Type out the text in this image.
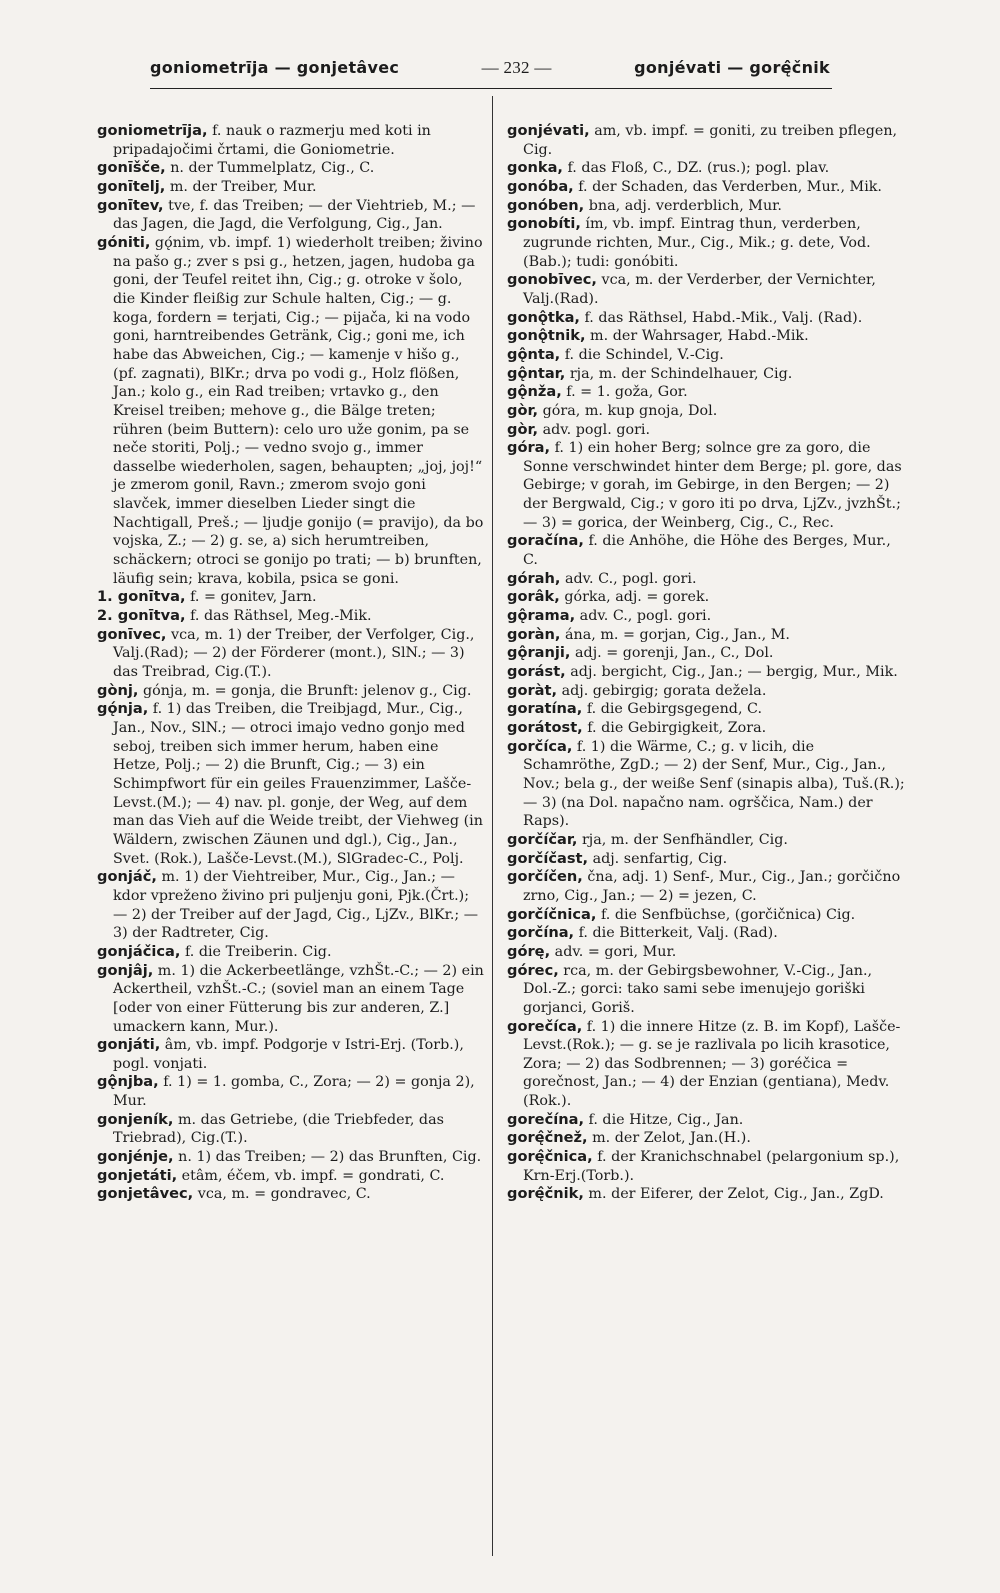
goniometrīja — gonjetâvec	— 232 —	gonjévati — gorę̂čnik

goniometrīja, f. nauk o razmerju med koti in pripadajočimi črtami, die Goniometrie.

gonīšče, n. der Tummelplatz, Cig., C.

gonītelj, m. der Treiber, Mur.

gonītev, tve, f. das Treiben; — der Viehtrieb, M.; — das Jagen, die Jagd, die Verfolgung, Cig., Jan.

góniti, gǫ́nim, vb. impf. 1) wiederholt treiben; živino na pašo g.; zver s psi g., hetzen, jagen, hudoba ga goni, der Teufel reitet ihn, Cig.; g. otroke v šolo, die Kinder fleißig zur Schule halten, Cig.; — g. koga, fordern = terjati, Cig.; — pijača, ki na vodo goni, harntreibendes Getränk, Cig.; goni me, ich habe das Abweichen, Cig.; — kamenje v hišo g., (pf. zagnati), BlKr.; drva po vodi g., Holz flößen, Jan.; kolo g., ein Rad treiben; vrtavko g., den Kreisel treiben; mehove g., die Bälge treten; rühren (beim Buttern): celo uro uže gonim, pa se neče storiti, Polj.; — vedno svojo g., immer dasselbe wiederholen, sagen, behaupten; „joj, joj!“ je zmerom gonil, Ravn.; zmerom svojo goni slavček, immer dieselben Lieder singt die Nachtigall, Preš.; — ljudje gonijo (= pravijo), da bo vojska, Z.; — 2) g. se, a) sich herumtreiben, schäckern; otroci se gonijo po trati; — b) brunften, läufig sein; krava, kobila, psica se goni.

1. gonītva, f. = gonitev, Jarn.

2. gonītva, f. das Räthsel, Meg.-Mik.

gonīvec, vca, m. 1) der Treiber, der Verfolger, Cig., Valj.(Rad); — 2) der Förderer (mont.), SlN.; — 3) das Treibrad, Cig.(T.).

gònj, gónja, m. = gonja, die Brunft: jelenov g., Cig.

gǫ́nja, f. 1) das Treiben, die Treibjagd, Mur., Cig., Jan., Nov., SlN.; — otroci imajo vedno gonjo med seboj, treiben sich immer herum, haben eine Hetze, Polj.; — 2) die Brunft, Cig.; — 3) ein Schimpfwort für ein geiles Frauenzimmer, Lašče-Levst.(M.); — 4) nav. pl. gonje, der Weg, auf dem man das Vieh auf die Weide treibt, der Viehweg (in Wäldern, zwischen Zäunen und dgl.), Cig., Jan., Svet. (Rok.), Lašče-Levst.(M.), SlGradec-C., Polj.

gonjáč, m. 1) der Viehtreiber, Mur., Cig., Jan.; — kdor vpreženo živino pri puljenju goni, Pjk.(Črt.); — 2) der Treiber auf der Jagd, Cig., LjZv., BlKr.; — 3) der Radtreter, Cig.

gonjáčica, f. die Treiberin. Cig.

gonjâj, m. 1) die Ackerbeetlänge, vzhŠt.-C.; — 2) ein Ackertheil, vzhŠt.-C.; (soviel man an einem Tage [oder von einer Fütterung bis zur anderen, Z.] umackern kann, Mur.).

gonjáti, âm, vb. impf. Podgorje v Istri-Erj. (Torb.), pogl. vonjati.

gǫ̂njba, f. 1) = 1. gomba, C., Zora; — 2) = gonja 2), Mur.

gonjeník, m. das Getriebe, (die Triebfeder, das Triebrad), Cig.(T.).

gonjénje, n. 1) das Treiben; — 2) das Brunften, Cig.

gonjetáti, etâm, éčem, vb. impf. = gondrati, C.

gonjetâvec, vca, m. = gondravec, C.

gonjévati, am, vb. impf. = goniti, zu treiben pflegen, Cig.

gonka, f. das Floß, C., DZ. (rus.); pogl. plav.

gonóba, f. der Schaden, das Verderben, Mur., Mik.

gonóben, bna, adj. verderblich, Mur.

gonobíti, ím, vb. impf. Eintrag thun, verderben, zugrunde richten, Mur., Cig., Mik.; g. dete, Vod.(Bab.); tudi: gonóbiti.

gonobīvec, vca, m. der Verderber, der Vernichter, Valj.(Rad).

gonǫ̂tka, f. das Räthsel, Habd.-Mik., Valj. (Rad).

gonǫ̂tnik, m. der Wahrsager, Habd.-Mik.

gǫ̂nta, f. die Schindel, V.-Cig.

gǫ̂ntar, rja, m. der Schindelhauer, Cig.

gǫ̂nža, f. = 1. goža, Gor.

gòr, góra, m. kup gnoja, Dol.

gòr, adv. pogl. gori.

góra, f. 1) ein hoher Berg; solnce gre za goro, die Sonne verschwindet hinter dem Berge; pl. gore, das Gebirge; v gorah, im Gebirge, in den Bergen; — 2) der Bergwald, Cig.; v goro iti po drva, LjZv., jvzhŠt.; — 3) = gorica, der Weinberg, Cig., C., Rec.

goračína, f. die Anhöhe, die Höhe des Berges, Mur., C.

górah, adv. C., pogl. gori.

gorâk, górka, adj. = gorek.

gǫ̂rama, adv. C., pogl. gori.

goràn, ána, m. = gorjan, Cig., Jan., M.

gǫ̂ranji, adj. = gorenji, Jan., C., Dol.

gorást, adj. bergicht, Cig., Jan.; — bergig, Mur., Mik.

goràt, adj. gebirgig; gorata dežela.

goratína, f. die Gebirgsgegend, C.

gorátost, f. die Gebirgigkeit, Zora.

gorčíca, f. 1) die Wärme, C.; g. v licih, die Schamröthe, ZgD.; — 2) der Senf, Mur., Cig., Jan., Nov.; bela g., der weiße Senf (sinapis alba), Tuš.(R.); — 3) (na Dol. napačno nam. ogrščica, Nam.) der Raps).

gorčíčar, rja, m. der Senfhändler, Cig.

gorčíčast, adj. senfartig, Cig.

gorčíčen, čna, adj. 1) Senf-, Mur., Cig., Jan.; gorčično zrno, Cig., Jan.; — 2) = jezen, C.

gorčíčnica, f. die Senfbüchse, (gorčičnica) Cig.

gorčína, f. die Bitterkeit, Valj. (Rad).

górę, adv. = gori, Mur.

górec, rca, m. der Gebirgsbewohner, V.-Cig., Jan., Dol.-Z.; gorci: tako sami sebe imenujejo goriški gorjanci, Goriš.

gorečíca, f. 1) die innere Hitze (z. B. im Kopf), Lašče-Levst.(Rok.); — g. se je razlivala po licih krasotice, Zora; — 2) das Sodbrennen; — 3) goréčica = gorečnost, Jan.; — 4) der Enzian (gentiana), Medv.(Rok.).

gorečína, f. die Hitze, Cig., Jan.

gorę̂čnež, m. der Zelot, Jan.(H.).

gorę̂čnica, f. der Kranichschnabel (pelargonium sp.), Krn-Erj.(Torb.).

gorę̂čnik, m. der Eiferer, der Zelot, Cig., Jan., ZgD.
